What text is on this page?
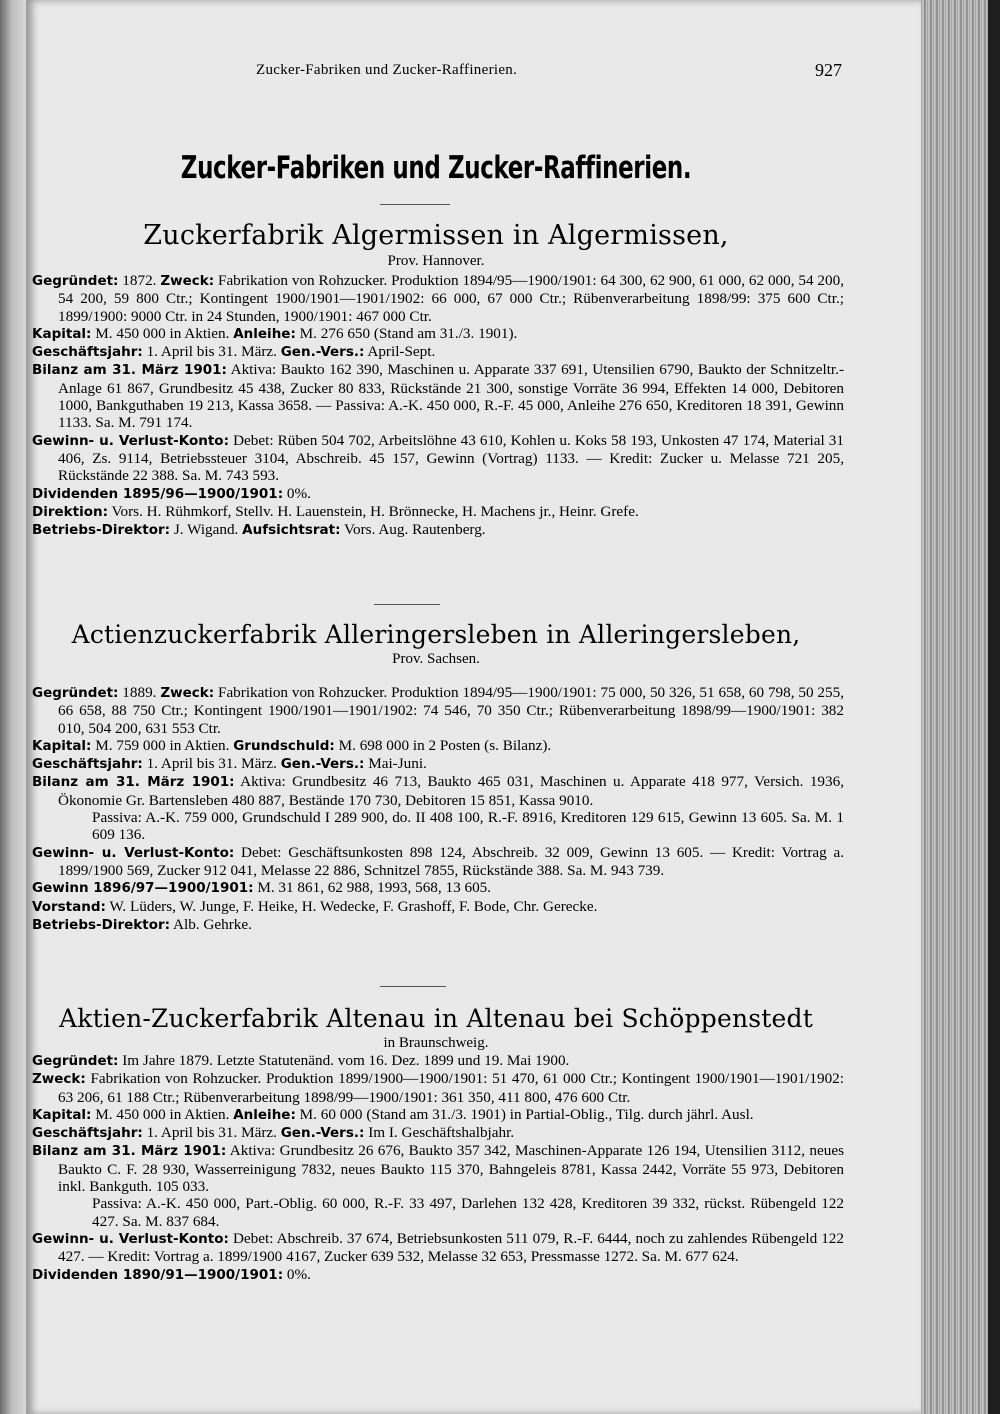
Zucker-Fabriken und Zucker-Raffinerien.	927
Zucker-Fabriken und Zucker-Raffinerien.
Zuckerfabrik Algermissen in Algermissen,
Prov. Hannover.

Gegründet: 1872. Zweck: Fabrikation von Rohzucker. Produktion 1894/95—1900/1901: 64 300, 62 900, 61 000, 62 000, 54 200, 54 200, 59 800 Ctr.; Kontingent 1900/1901—1901/1902: 66 000, 67 000 Ctr.; Rübenverarbeitung 1898/99: 375 600 Ctr.; 1899/1900: 9000 Ctr. in 24 Stunden, 1900/1901: 467 000 Ctr.

Kapital: M. 450 000 in Aktien. Anleihe: M. 276 650 (Stand am 31./3. 1901).

Geschäftsjahr: 1. April bis 31. März. Gen.-Vers.: April-Sept.

Bilanz am 31. März 1901: Aktiva: Baukto 162 390, Maschinen u. Apparate 337 691, Utensilien 6790, Baukto der Schnitzeltr.-Anlage 61 867, Grundbesitz 45 438, Zucker 80 833, Rückstände 21 300, sonstige Vorräte 36 994, Effekten 14 000, Debitoren 1000, Bankguthaben 19 213, Kassa 3658. — Passiva: A.-K. 450 000, R.-F. 45 000, Anleihe 276 650, Kreditoren 18 391, Gewinn 1133. Sa. M. 791 174.

Gewinn- u. Verlust-Konto: Debet: Rüben 504 702, Arbeitslöhne 43 610, Kohlen u. Koks 58 193, Unkosten 47 174, Material 31 406, Zs. 9114, Betriebssteuer 3104, Abschreib. 45 157, Gewinn (Vortrag) 1133. — Kredit: Zucker u. Melasse 721 205, Rückstände 22 388. Sa. M. 743 593.

Dividenden 1895/96—1900/1901: 0%.

Direktion: Vors. H. Rühmkorf, Stellv. H. Lauenstein, H. Brönnecke, H. Machens jr., Heinr. Grefe.

Betriebs-Direktor: J. Wigand. Aufsichtsrat: Vors. Aug. Rautenberg.

Actienzuckerfabrik Alleringersleben in Alleringersleben,
Prov. Sachsen.

Gegründet: 1889. Zweck: Fabrikation von Rohzucker. Produktion 1894/95—1900/1901: 75 000, 50 326, 51 658, 60 798, 50 255, 66 658, 88 750 Ctr.; Kontingent 1900/1901—1901/1902: 74 546, 70 350 Ctr.; Rübenverarbeitung 1898/99—1900/1901: 382 010, 504 200, 631 553 Ctr.

Kapital: M. 759 000 in Aktien. Grundschuld: M. 698 000 in 2 Posten (s. Bilanz).

Geschäftsjahr: 1. April bis 31. März. Gen.-Vers.: Mai-Juni.

Bilanz am 31. März 1901: Aktiva: Grundbesitz 46 713, Baukto 465 031, Maschinen u. Apparate 418 977, Versich. 1936, Ökonomie Gr. Bartensleben 480 887, Bestände 170 730, Debitoren 15 851, Kassa 9010.

Passiva: A.-K. 759 000, Grundschuld I 289 900, do. II 408 100, R.-F. 8916, Kreditoren 129 615, Gewinn 13 605. Sa. M. 1 609 136.

Gewinn- u. Verlust-Konto: Debet: Geschäftsunkosten 898 124, Abschreib. 32 009, Gewinn 13 605. — Kredit: Vortrag a. 1899/1900 569, Zucker 912 041, Melasse 22 886, Schnitzel 7855, Rückstände 388. Sa. M. 943 739.

Gewinn 1896/97—1900/1901: M. 31 861, 62 988, 1993, 568, 13 605.

Vorstand: W. Lüders, W. Junge, F. Heike, H. Wedecke, F. Grashoff, F. Bode, Chr. Gerecke.

Betriebs-Direktor: Alb. Gehrke.

Aktien-Zuckerfabrik Altenau in Altenau bei Schöppenstedt
in Braunschweig.

Gegründet: Im Jahre 1879. Letzte Statutenänd. vom 16. Dez. 1899 und 19. Mai 1900.

Zweck: Fabrikation von Rohzucker. Produktion 1899/1900—1900/1901: 51 470, 61 000 Ctr.; Kontingent 1900/1901—1901/1902: 63 206, 61 188 Ctr.; Rübenverarbeitung 1898/99—1900/1901: 361 350, 411 800, 476 600 Ctr.

Kapital: M. 450 000 in Aktien. Anleihe: M. 60 000 (Stand am 31./3. 1901) in Partial-Oblig., Tilg. durch jährl. Ausl.

Geschäftsjahr: 1. April bis 31. März. Gen.-Vers.: Im I. Geschäftshalbjahr.

Bilanz am 31. März 1901: Aktiva: Grundbesitz 26 676, Baukto 357 342, Maschinen-Apparate 126 194, Utensilien 3112, neues Baukto C. F. 28 930, Wasserreinigung 7832, neues Baukto 115 370, Bahngeleis 8781, Kassa 2442, Vorräte 55 973, Debitoren inkl. Bankguth. 105 033.

Passiva: A.-K. 450 000, Part.-Oblig. 60 000, R.-F. 33 497, Darlehen 132 428, Kreditoren 39 332, rückst. Rübengeld 122 427. Sa. M. 837 684.

Gewinn- u. Verlust-Konto: Debet: Abschreib. 37 674, Betriebsunkosten 511 079, R.-F. 6444, noch zu zahlendes Rübengeld 122 427. — Kredit: Vortrag a. 1899/1900 4167, Zucker 639 532, Melasse 32 653, Pressmasse 1272. Sa. M. 677 624.

Dividenden 1890/91—1900/1901: 0%.
